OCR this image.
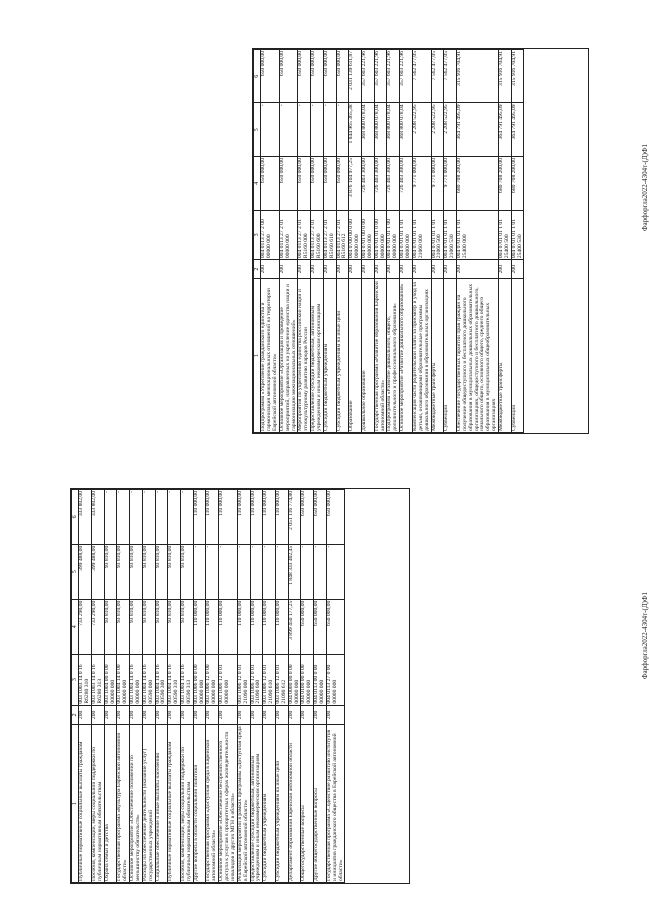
Фарфоргла2022-4304т-(Д)Ф1
1	2	3	4	5	6
Публичные нормативные социальные выплаты гражданам	200	003 1003 14 0 16 R6280 310	733 290,00	399 488,00	333 802,00
Пособия, компенсации, меры социальной поддержки по публичным нормативным обязательствам	200	003 1003 14 0 16 R6280 313	733 290,00	399 488,00	333 802,00
Охрана семьи и детства	200	003 1004 00 0 00 00000 000	93 810,00	93 810,00	-
Государственная программа «Культура Еврейской автономной области»	200	003 1004 14 0 00 00000 000	93 810,00	93 810,00	-
Основное мероприятие «Обеспечение положений по меньшинству обязательств»	200	003 1004 14 0 16 00000 000	93 810,00	93 810,00	-
Расходы на обеспечение деятельности (оказание услуг) государственных учреждений	200	003 1004 14 0 16 00590 000	93 810,00	93 810,00	-
Социальные обеспечение и иные выплаты населению	200	003 1004 14 0 16 00590 300	93 810,00	93 810,00	-
Публичные нормативные социальные выплаты гражданам	200	003 1004 14 0 16 00590 310	93 810,00	93 810,00	-
Пособия, компенсации, меры социальной поддержки по публичным нормативным обязательствам	200	003 1004 14 0 16 00590 313	93 810,00	93 810,00	-
Другие вопросы в области социальной политики	200	003 1006 00 0 00 00000 000	110 000,00	-	110 000,00
Государственная программа «Доступная среда в Еврейской автономной области»	200	003 1006 12 0 00 00000 000	110 000,00	-	110 000,00
Основное мероприятие «Обеспечение беспрепятственного доступа к услугам в приоритетных сферах жизнедеятельности инвалидов и других МГН в области»	200	003 1006 12 0 01 00000 000	110 000,00	-	110 000,00
Реализация мероприятий в рамках программы «Доступная среда в Еврейской автономной области»	200	003 1006 12 0 01 21090 000	110 000,00	-	110 000,00
Предоставление субсидий бюджетным, автономным учреждениям и иным некоммерческим организациям	200	003 1006 12 0 01 21090 600	110 000,00	-	110 000,00
Субсидии бюджетным учреждениям	200	003 1006 12 0 01 21090 610	110 000,00	-	110 000,00
Субсидии бюджетным учреждениям на иные цели	200	003 1006 12 0 01 21090 612	110 000,00	-	110 000,00
Департамент образования Еврейской автономной области	200	004 0000 00 0 00 00000 000	3 899 450 177,25	1 848 333 402,45	2 051 116 774,80
Общегосударственные вопросы	200	004 0100 00 0 00 00000 000	650 000,00	-	650 000,00
Другие общегосударственные вопросы	200	004 0113 00 0 00 00000 000	650 000,00	-	650 000,00
Государственная программа «Содействие развитию институтов и инициатив гражданского общества в Еврейской автономной области»	200	004 0113 27 0 00 00000 000	650 000,00	-	650 000,00
Фарфоргла2022-4304т-(Д)Ф1
1	2	3	4	5	6
Подпрограмма «Укрепление гражданского единства и гармонизация межнациональных отношений на территории Еврейской автономной области»	200	004 0113 27 2 00 00000 000	650 000,00	-	650 000,00
Основное мероприятие «Организация и проведение мероприятий, направленных на укрепление единства нации и гармонизацию межнациональных отношений»	200	004 0113 27 2 01 00000 000	650 000,00	-	650 000,00
Мероприятия по укреплению единства российской нации и этнокультурному развитию народов России	200	004 0113 27 2 01 R5160 000	650 000,00	-	650 000,00
Предоставление субсидий бюджетным, автономным учреждениям и иным некоммерческим организациям	200	004 0113 27 2 01 R5160 600	650 000,00	-	650 000,00
Субсидии бюджетным учреждениям	200	004 0113 27 2 01 R5160 610	650 000,00	-	650 000,00
Субсидии бюджетным учреждениям на иные цели	200	004 0113 27 2 01 R5160 612	650 000,00	-	650 000,00
Образование	200	004 0700 00 0 00 00000 000	3 876 104 977,25	1 844 965 365,38	2 031 139 611,87
Дошкольное образование	200	004 0701 00 0 00 00000 000	726 403 300,00	368 800 078,04	357 603 221,96
Государственная программа «Развитие образования Еврейской автономной области»	200	004 0701 01 0 00 00000 000	726 403 300,00	368 800 078,04	357 603 221,96
Подпрограмма «Развитие дошкольного, общего, дополнительного и профессионального образования»	200	004 0701 01 1 00 00000 000	726 403 300,00	368 800 078,04	357 603 221,96
Основное мероприятие «Развитие дошкольного образования»	200	004 0701 01 1 01 00000 000	726 403 300,00	368 800 078,04	357 603 221,96
Компенсация части родительской платы за присмотр и уход за детьми, осваивающими образовательные программы дошкольного образования в образовательных организациях	200	004 0701 01 1 01 21060 000	9 771 000,00	2 208 522,95	7 562 477,05
Межбюджетные трансферты	200	004 0701 01 1 01 21060 500	9 771 000,00	2 208 522,95	7 562 477,05
Субвенции	200	004 0701 01 1 01 21060 530	9 771 000,00	2 208 522,95	7 562 477,05
Обеспечение государственных гарантий прав граждан на получение общедоступного и бесплатного дошкольного образования в муниципальных дошкольных образовательных организациях, общедоступного и бесплатного дошкольного, начального общего, основного общего, среднего общего образования в муниципальных общеобразовательных организациях	200	004 0701 01 1 01 25400 000	680 708 200,00	364 791 495,09	315 916 704,91
Межбюджетные трансферты	200	004 0701 01 1 01 25400 500	680 708 200,00	364 791 495,09	315 916 704,91
Субвенции	200	004 0701 01 1 01 25400 530	680 708 200,00	364 791 495,09	315 916 704,91
